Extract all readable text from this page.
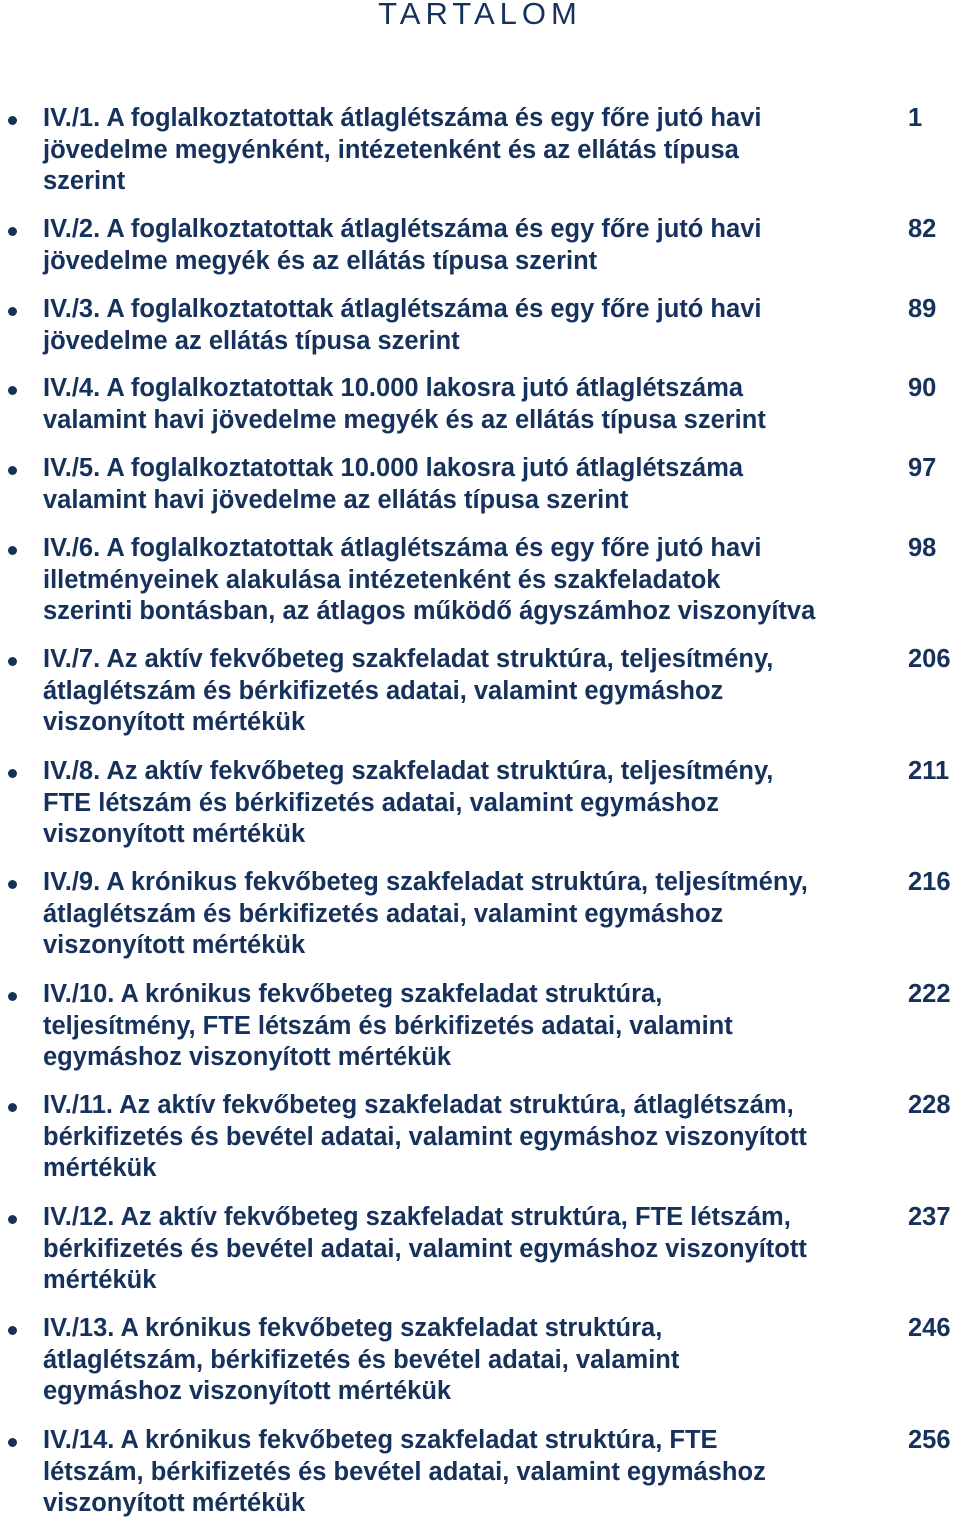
TARTALOM
IV./1. A foglalkoztatottak átlaglétszáma és egy főre jutó havi
jövedelme megyénként, intézetenként és az ellátás típusa
szerint
1
IV./2. A foglalkoztatottak átlaglétszáma és egy főre jutó havi
jövedelme megyék és az ellátás típusa szerint
82
IV./3. A foglalkoztatottak átlaglétszáma és egy főre jutó havi
jövedelme az ellátás típusa szerint
89
IV./4. A foglalkoztatottak 10.000 lakosra jutó átlaglétszáma
valamint havi jövedelme megyék és az ellátás típusa szerint
90
IV./5. A foglalkoztatottak 10.000 lakosra jutó átlaglétszáma
valamint havi jövedelme az ellátás típusa szerint
97
IV./6. A foglalkoztatottak átlaglétszáma és egy főre jutó havi
illetményeinek alakulása intézetenként és szakfeladatok
szerinti bontásban, az átlagos működő ágyszámhoz viszonyítva
98
IV./7. Az aktív fekvőbeteg szakfeladat struktúra, teljesítmény,
átlaglétszám és bérkifizetés adatai, valamint egymáshoz
viszonyított mértékük
206
IV./8. Az aktív fekvőbeteg szakfeladat struktúra, teljesítmény,
FTE létszám és bérkifizetés adatai, valamint egymáshoz
viszonyított mértékük
211
IV./9. A krónikus fekvőbeteg szakfeladat struktúra, teljesítmény,
átlaglétszám és bérkifizetés adatai, valamint egymáshoz
viszonyított mértékük
216
IV./10. A krónikus fekvőbeteg szakfeladat struktúra,
teljesítmény, FTE létszám és bérkifizetés adatai, valamint
egymáshoz viszonyított mértékük
222
IV./11. Az aktív fekvőbeteg szakfeladat struktúra, átlaglétszám,
bérkifizetés és bevétel adatai, valamint egymáshoz viszonyított
mértékük
228
IV./12. Az aktív fekvőbeteg szakfeladat struktúra, FTE létszám,
bérkifizetés és bevétel adatai, valamint egymáshoz viszonyított
mértékük
237
IV./13. A krónikus fekvőbeteg szakfeladat struktúra,
átlaglétszám, bérkifizetés és bevétel adatai, valamint
egymáshoz viszonyított mértékük
246
IV./14. A krónikus fekvőbeteg szakfeladat struktúra, FTE
létszám, bérkifizetés és bevétel adatai, valamint egymáshoz
viszonyított mértékük
256
